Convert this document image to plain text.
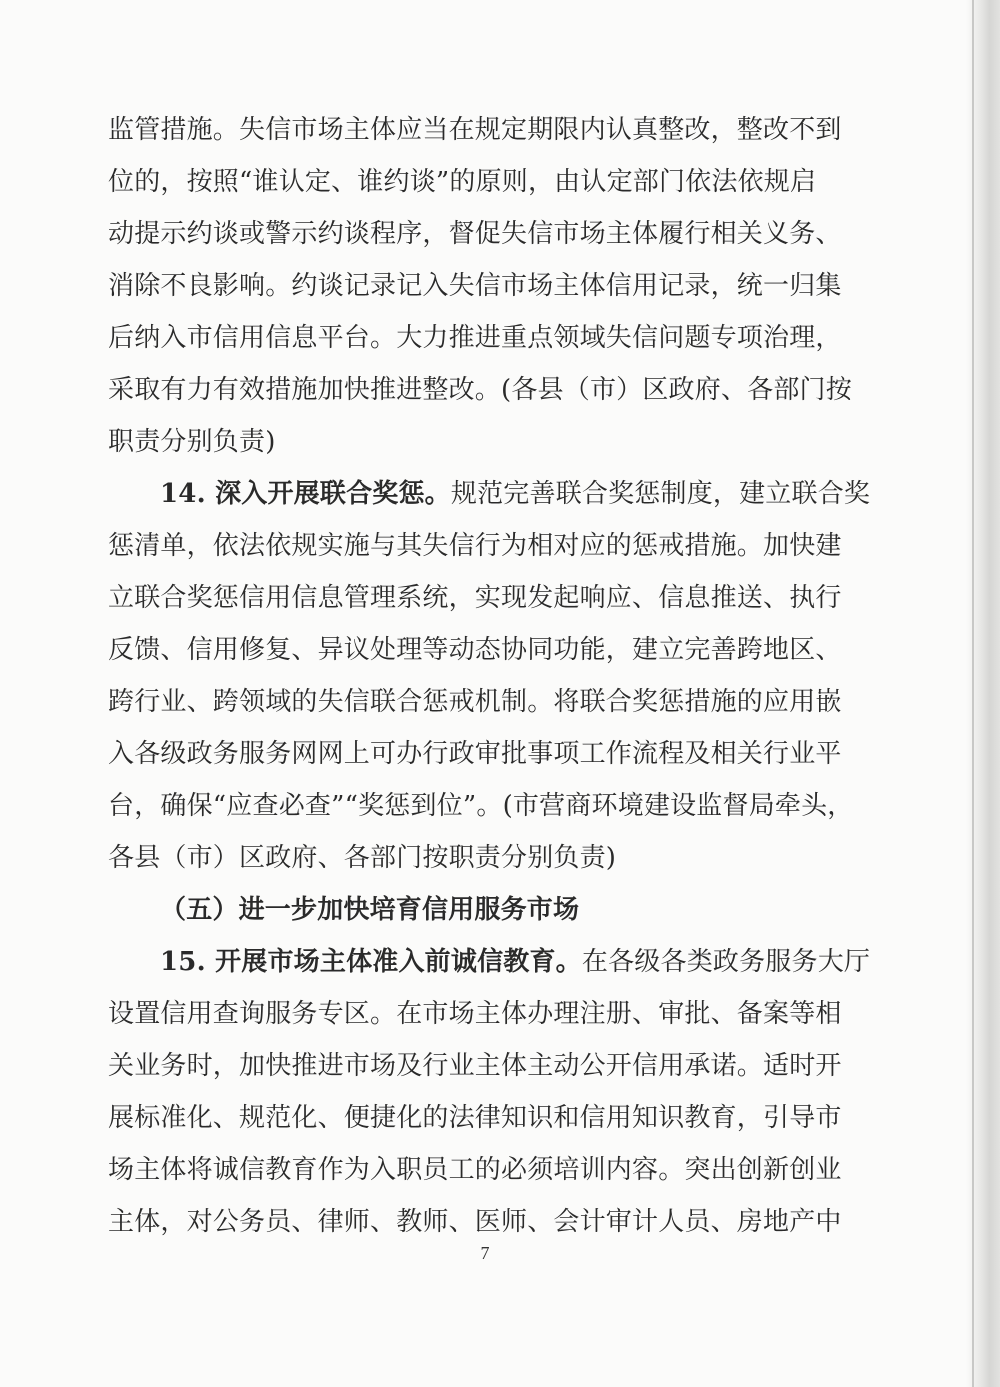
监管措施。失信市场主体应当在规定期限内认真整改，整改不到
位的，按照“谁认定、谁约谈”的原则，由认定部门依法依规启
动提示约谈或警示约谈程序，督促失信市场主体履行相关义务、
消除不良影响。约谈记录记入失信市场主体信用记录，统一归集
后纳入市信用信息平台。大力推进重点领域失信问题专项治理，
采取有力有效措施加快推进整改。(各县（市）区政府、各部门按
职责分别负责)
14. 深入开展联合奖惩。规范完善联合奖惩制度，建立联合奖
惩清单，依法依规实施与其失信行为相对应的惩戒措施。加快建
立联合奖惩信用信息管理系统，实现发起响应、信息推送、执行
反馈、信用修复、异议处理等动态协同功能，建立完善跨地区、
跨行业、跨领域的失信联合惩戒机制。将联合奖惩措施的应用嵌
入各级政务服务网网上可办行政审批事项工作流程及相关行业平
台，确保“应查必查”“奖惩到位”。(市营商环境建设监督局牵头，
各县（市）区政府、各部门按职责分别负责)
（五）进一步加快培育信用服务市场
15. 开展市场主体准入前诚信教育。在各级各类政务服务大厅
设置信用查询服务专区。在市场主体办理注册、审批、备案等相
关业务时，加快推进市场及行业主体主动公开信用承诺。适时开
展标准化、规范化、便捷化的法律知识和信用知识教育，引导市
场主体将诚信教育作为入职员工的必须培训内容。突出创新创业
主体，对公务员、律师、教师、医师、会计审计人员、房地产中
7
